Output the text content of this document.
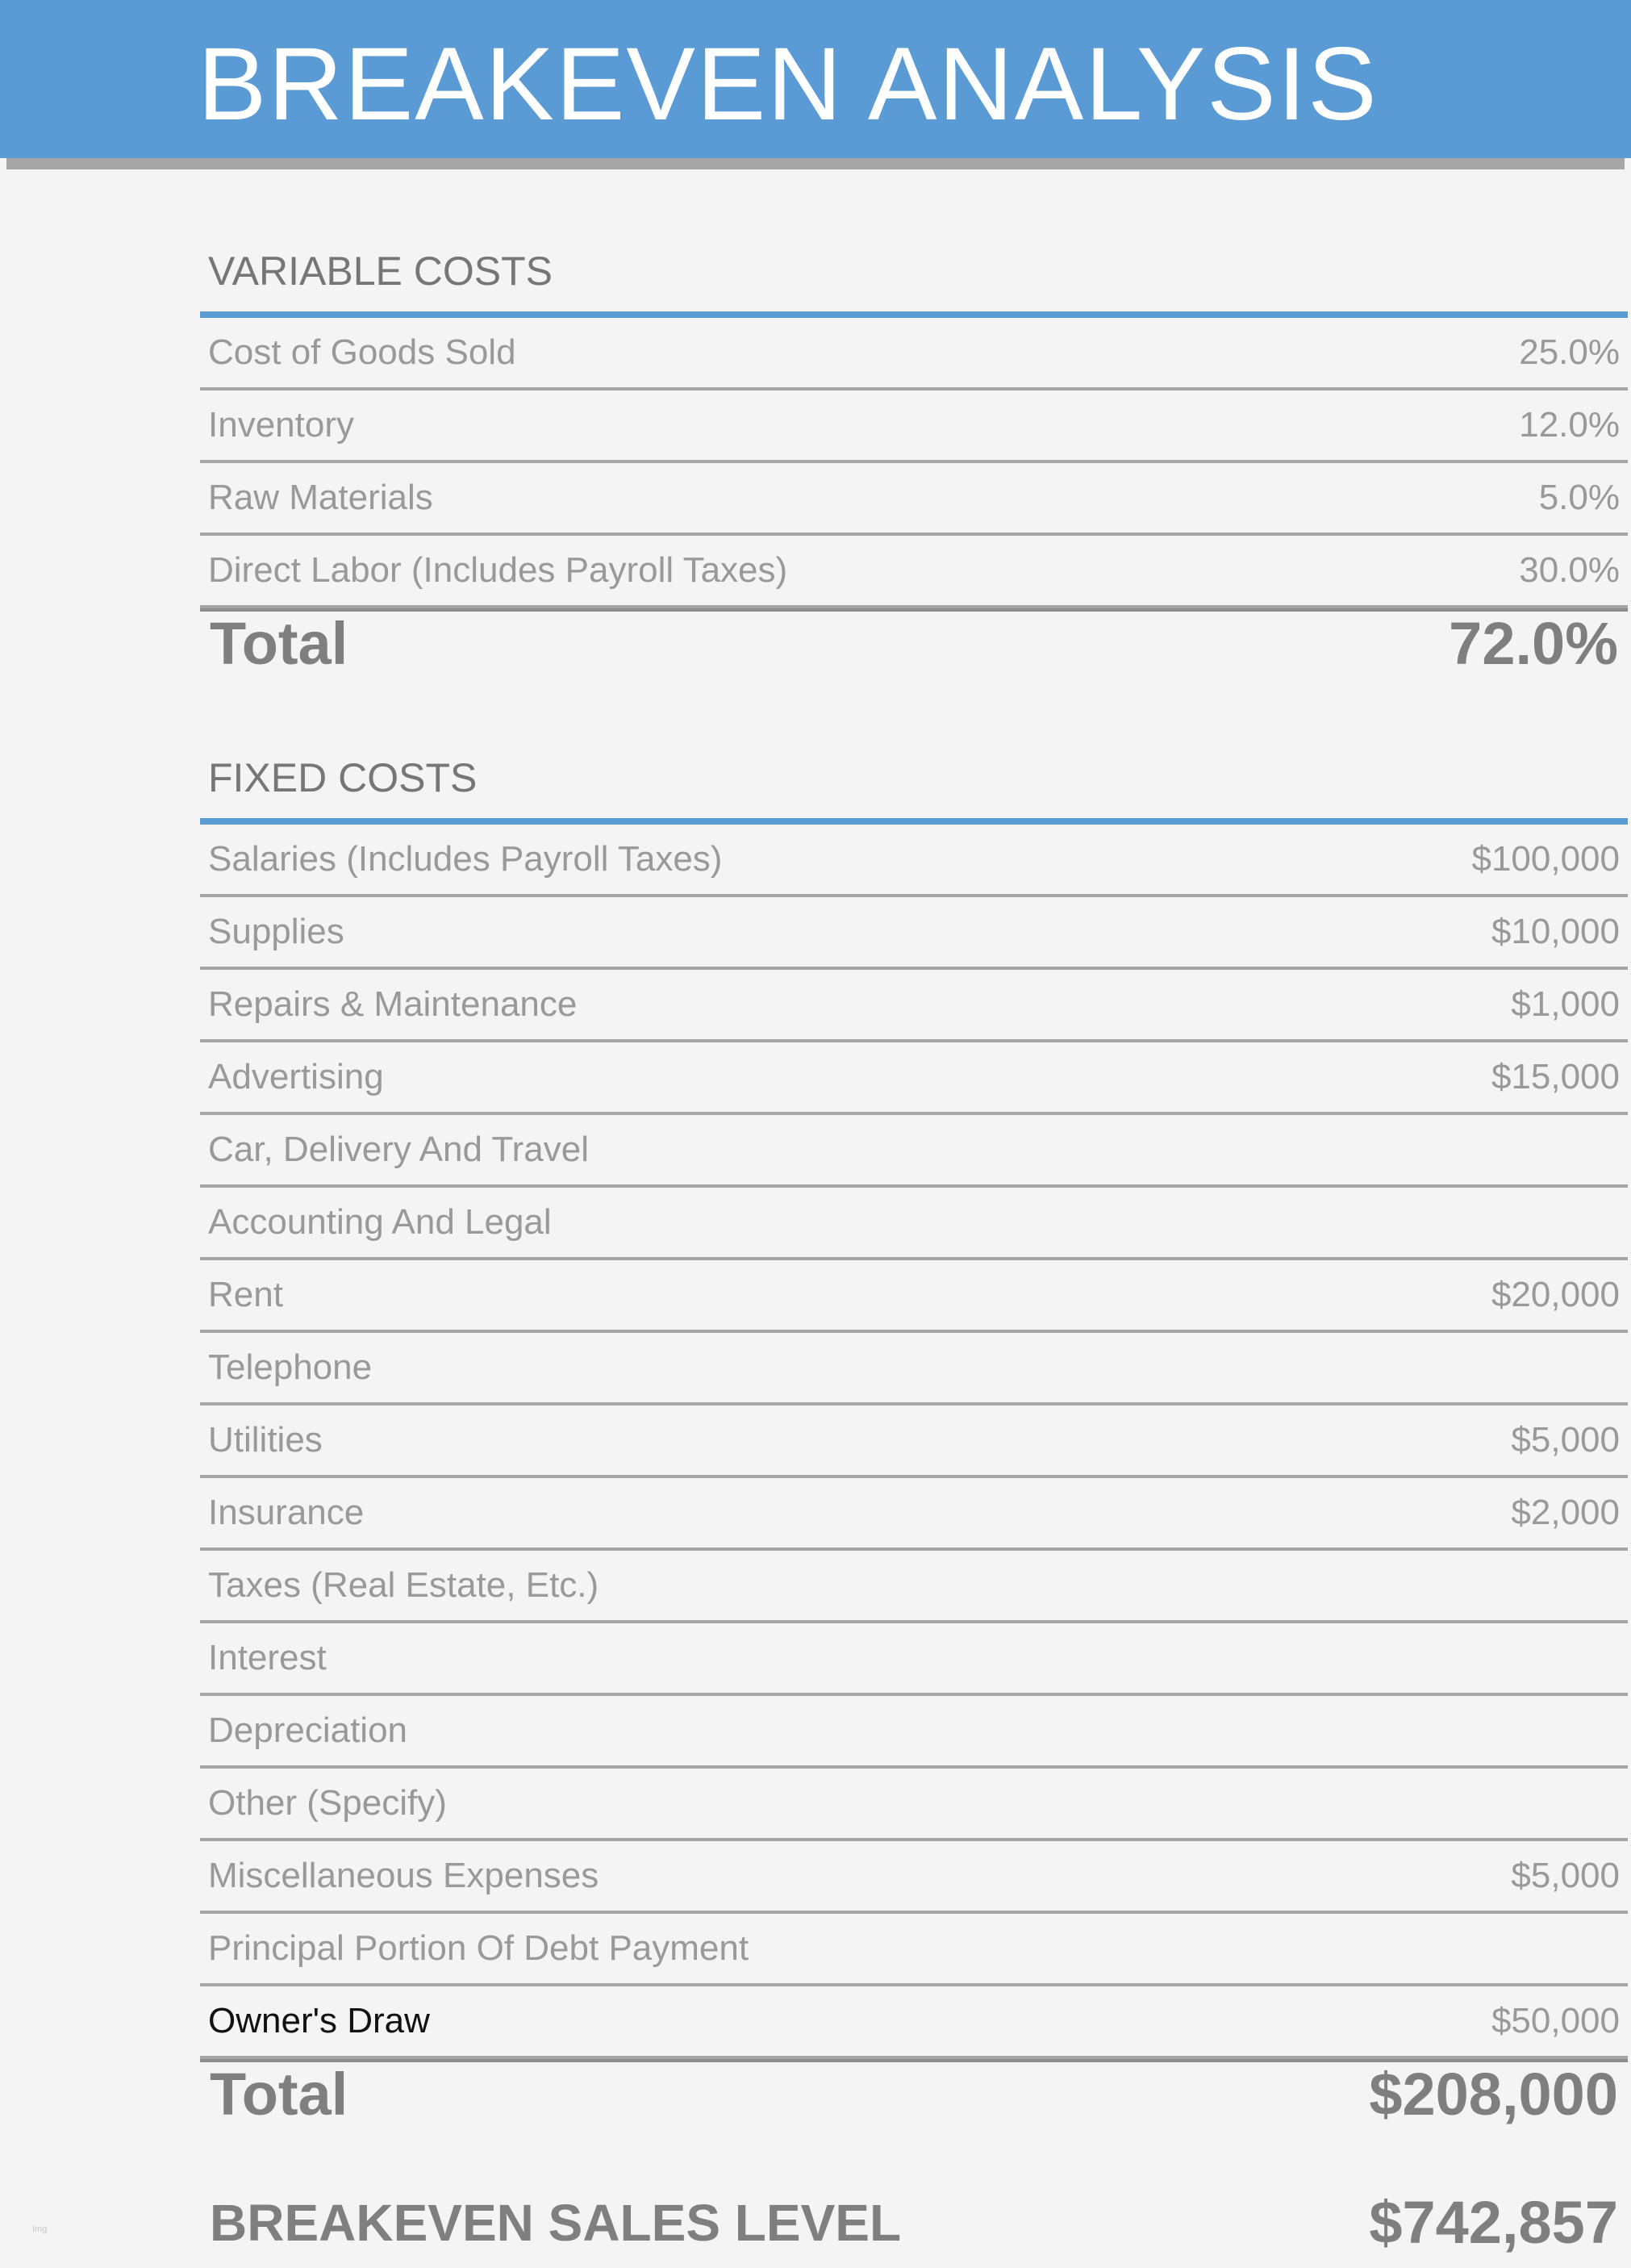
BREAKEVEN ANALYSIS
VARIABLE COSTS
Cost of Goods Sold	25.0%
Inventory	12.0%
Raw Materials	5.0%
Direct Labor (Includes Payroll Taxes)	30.0%
Total	72.0%
FIXED COSTS
Salaries (Includes Payroll Taxes)	$100,000
Supplies	$10,000
Repairs & Maintenance	$1,000
Advertising	$15,000
Car, Delivery And Travel
Accounting And Legal
Rent	$20,000
Telephone
Utilities	$5,000
Insurance	$2,000
Taxes (Real Estate, Etc.)
Interest
Depreciation
Other (Specify)
Miscellaneous Expenses	$5,000
Principal Portion Of Debt Payment
Owner's Draw	$50,000
Total	$208,000
BREAKEVEN SALES LEVEL	$742,857
Img
